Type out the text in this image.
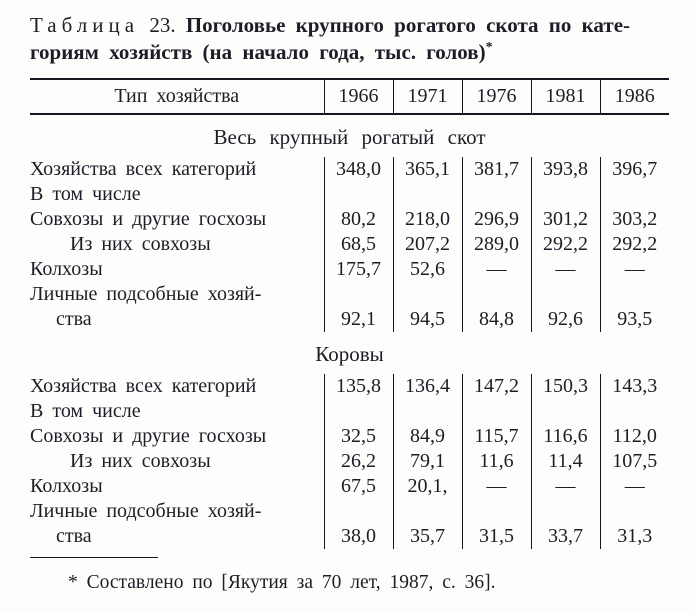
Таблица 23. Поголовье крупного рогатого скота по кате-
гориям хозяйств (на начало года, тыс. голов)*
Тип хозяйства	1966	1971	1976	1981	1986
Весь крупный рогатый скот					
Хозяйства всех категорий	348,0	365,1	381,7	393,8	396,7
В том числе					
Совхозы и другие госхозы	80,2	218,0	296,9	301,2	303,2
Из них совхозы	68,5	207,2	289,0	292,2	292,2
Колхозы	175,7	52,6	—	—	—
Личные подсобные хозяй-					
ства	92,1	94,5	84,8	92,6	93,5
Коровы					
Хозяйства всех категорий	135,8	136,4	147,2	150,3	143,3
В том числе					
Совхозы и другие госхозы	32,5	84,9	115,7	116,6	112,0
Из них совхозы	26,2	79,1	11,6	11,4	107,5
Колхозы	67,5	20,1,	—	—	—
Личные подсобные хозяй-					
ства	38,0	35,7	31,5	33,7	31,3
* Составлено по [Якутия за 70 лет, 1987, с. 36].
